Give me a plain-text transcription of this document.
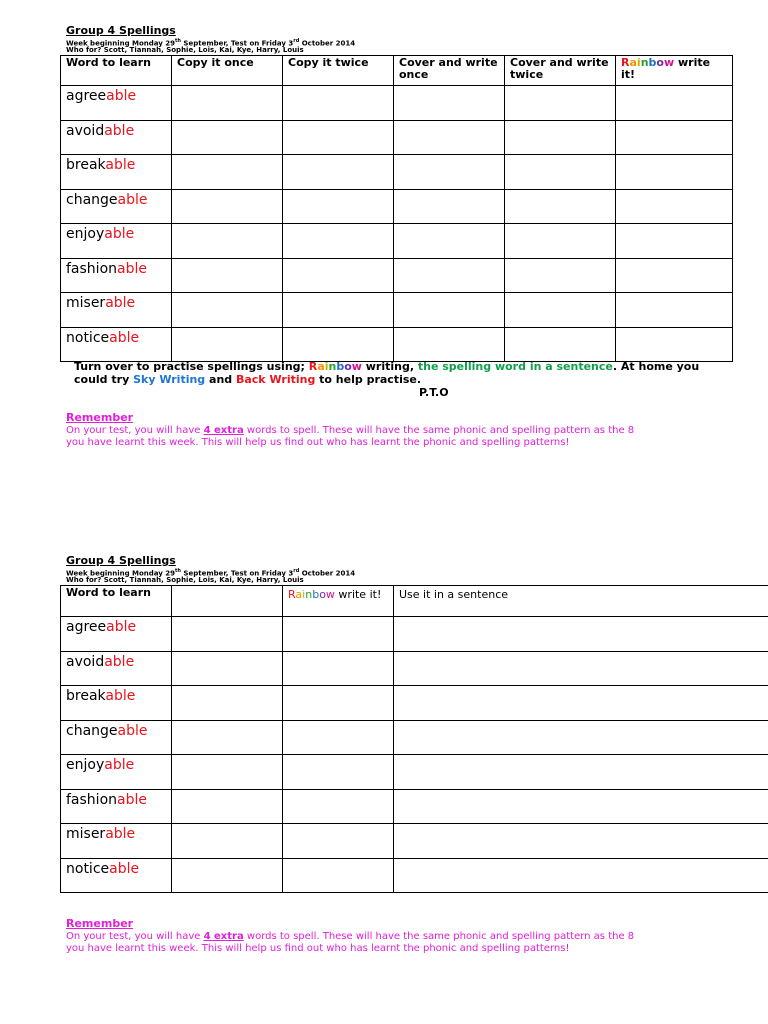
Group 4 Spellings
Week beginning Monday 29th September, Test on Friday 3rd October 2014
Who for? Scott, Tiannah, Sophie, Lois, Kai, Kye, Harry, Louis
Word to learn	Copy it once	Copy it twice	Cover and write once	Cover and write twice	Rainbow write it!
agreeable					
avoidable					
breakable					
changeable					
enjoyable					
fashionable					
miserable					
noticeable					
Turn over to practise spellings using; Rainbow writing, the spelling word in a sentence. At home you could try Sky Writing and Back Writing to help practise.
P.T.O
Remember
On your test, you will have 4 extra words to spell. These will have the same phonic and spelling pattern as the 8
you have learnt this week. This will help us find out who has learnt the phonic and spelling patterns!
Group 4 Spellings
Week beginning Monday 29th September, Test on Friday 3rd October 2014
Who for? Scott, Tiannah, Sophie, Lois, Kai, Kye, Harry, Louis
Word to learn		Rainbow write it!	Use it in a sentence
agreeable			
avoidable			
breakable			
changeable			
enjoyable			
fashionable			
miserable			
noticeable			
Remember
On your test, you will have 4 extra words to spell. These will have the same phonic and spelling pattern as the 8
you have learnt this week. This will help us find out who has learnt the phonic and spelling patterns!
